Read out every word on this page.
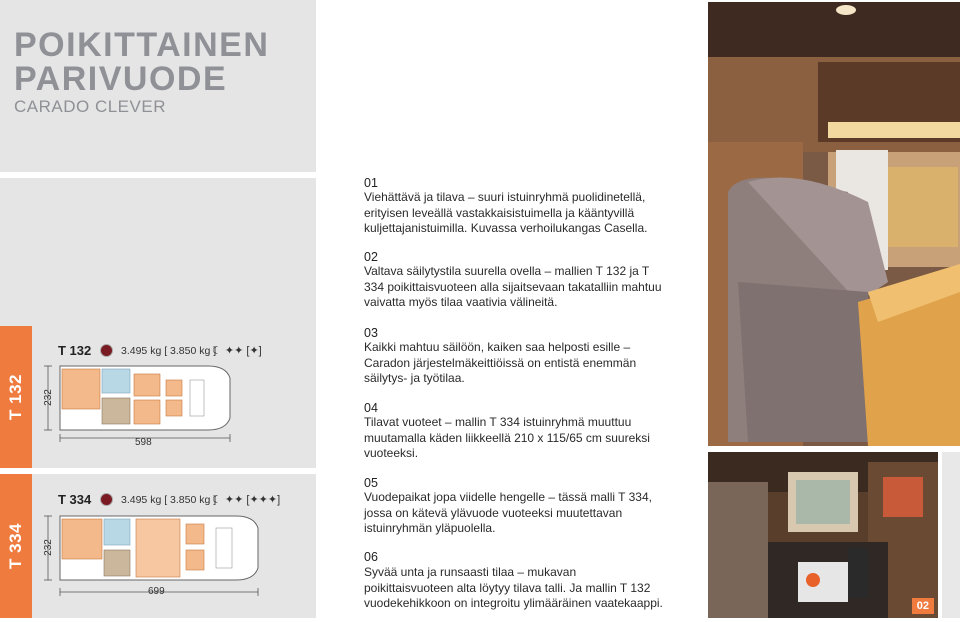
POIKITTAINEN
PARIVUODE
CARADO CLEVER
T 132
T 334
T 132	3.495 kg [ 3.850 kg ]
☾ ✦✦ [✦]
232
598
T 334	3.495 kg [ 3.850 kg ]
☾ ✦✦ [✦✦✦]
232
699
01
Viehättävä ja tilava – suuri istuinryhmä puolidinetellä, erityisen leveällä vastakkaisistuimella ja kääntyvillä kuljettajanistuimilla. Kuvassa verhoilukangas Casella.
02
Valtava säilytystila suurella ovella – mallien T 132 ja T 334 poikittaisvuoteen alla sijaitsevaan takatalliin mahtuu vaivatta myös tilaa vaativia välineitä.
03
Kaikki mahtuu säilöön, kaiken saa helposti esille – Caradon järjestelmäkeittiöissä on entistä enemmän säilytys- ja työtilaa.
04
Tilavat vuoteet – mallin T 334 istuinryhmä muuttuu muutamalla käden liikkeellä 210 x 115/65 cm suureksi vuoteeksi.
05
Vuodepaikat jopa viidelle hengelle – tässä malli T 334, jossa on kätevä ylävuode vuoteeksi muutettavan istuinryhmän yläpuolella.
06
Syvää unta ja runsaasti tilaa – mukavan poikittaisvuoteen alta löytyy tilava talli. Ja mallin T 132 vuodekehikkoon on integroitu ylimääräinen vaatekaappi.	02
